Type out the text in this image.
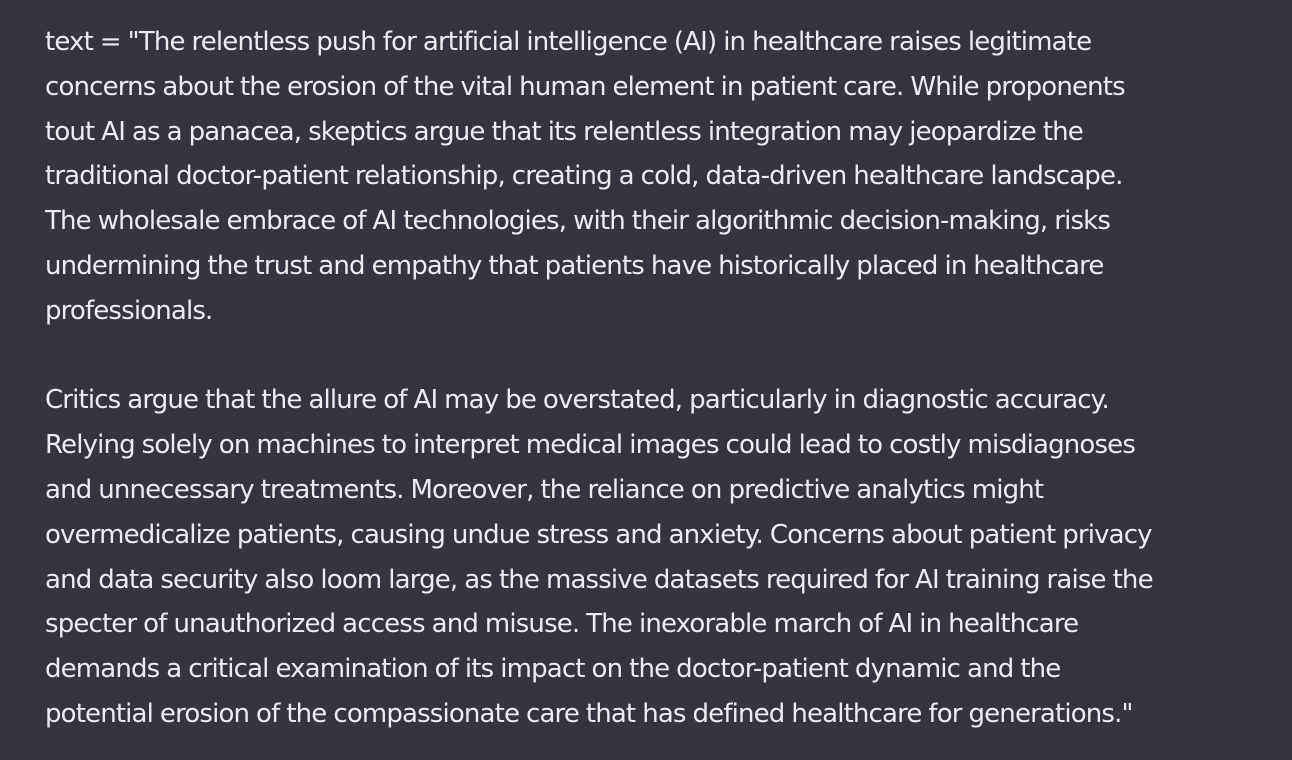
text = "The relentless push for artificial intelligence (AI) in healthcare raises legitimate
concerns about the erosion of the vital human element in patient care. While proponents
tout AI as a panacea, skeptics argue that its relentless integration may jeopardize the
traditional doctor-patient relationship, creating a cold, data-driven healthcare landscape.
The wholesale embrace of AI technologies, with their algorithmic decision-making, risks
undermining the trust and empathy that patients have historically placed in healthcare
professionals.

Critics argue that the allure of AI may be overstated, particularly in diagnostic accuracy.
Relying solely on machines to interpret medical images could lead to costly misdiagnoses
and unnecessary treatments. Moreover, the reliance on predictive analytics might
overmedicalize patients, causing undue stress and anxiety. Concerns about patient privacy
and data security also loom large, as the massive datasets required for AI training raise the
specter of unauthorized access and misuse. The inexorable march of AI in healthcare
demands a critical examination of its impact on the doctor-patient dynamic and the
potential erosion of the compassionate care that has defined healthcare for generations."
